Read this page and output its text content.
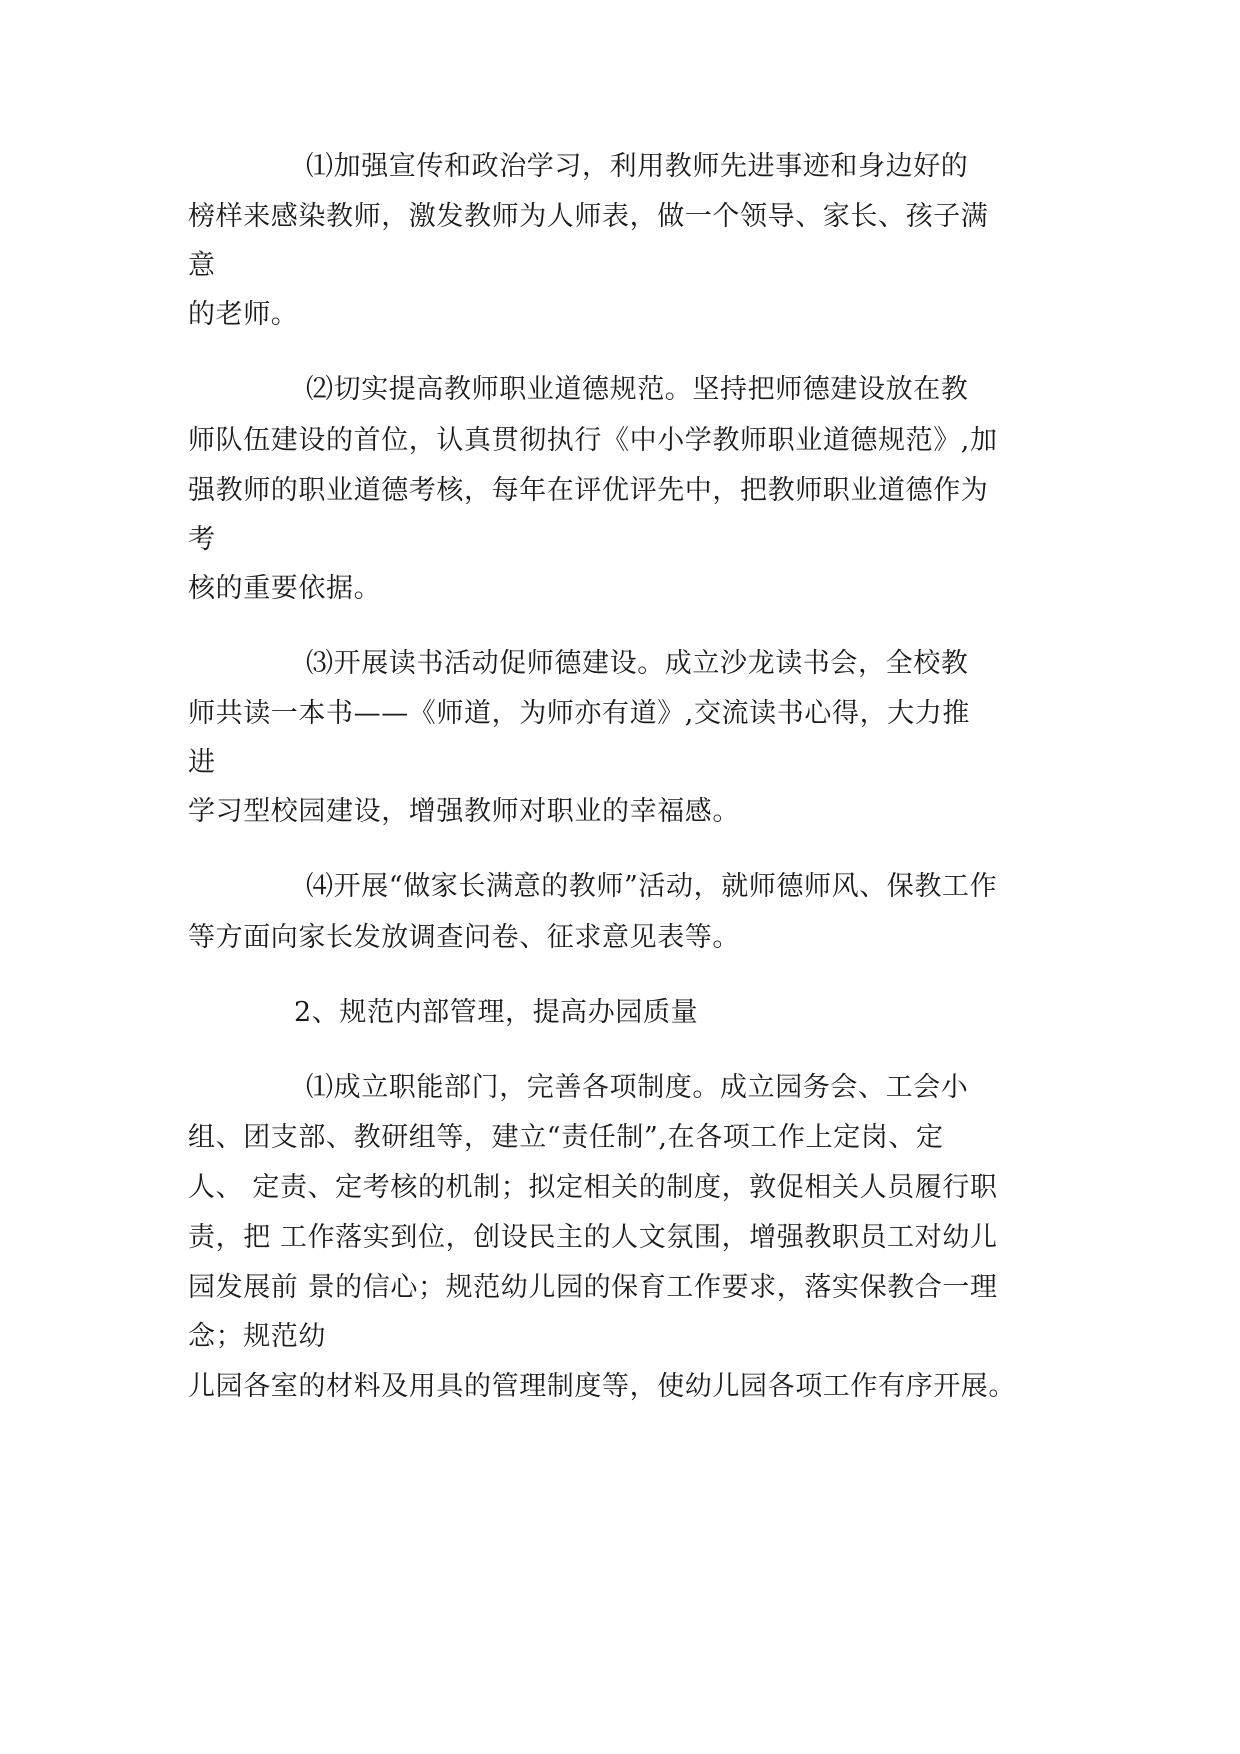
⑴加强宣传和政治学习，利用教师先进事迹和身边好的
榜样来感染教师，激发教师为人师表，做一个领导、家长、孩子满
意
的老师。
⑵切实提高教师职业道德规范。坚持把师德建设放在教
师队伍建设的首位，认真贯彻执行《中小学教师职业道德规范》,加
强教师的职业道德考核，每年在评优评先中，把教师职业道德作为
考
核的重要依据。
⑶开展读书活动促师德建设。成立沙龙读书会，全校教
师共读一本书——《师道，为师亦有道》,交流读书心得，大力推
进
学习型校园建设，增强教师对职业的幸福感。
⑷开展“做家长满意的教师”活动，就师德师风、保教工作
等方面向家长发放调查问卷、征求意见表等。
2、规范内部管理，提高办园质量
⑴成立职能部门，完善各项制度。成立园务会、工会小
组、团支部、教研组等，建立“责任制”,在各项工作上定岗、定
人、 定责、定考核的机制；拟定相关的制度，敦促相关人员履行职
责，把 工作落实到位，创设民主的人文氛围，增强教职员工对幼儿
园发展前 景的信心；规范幼儿园的保育工作要求，落实保教合一理
念；规范幼
儿园各室的材料及用具的管理制度等，使幼儿园各项工作有序开展。
